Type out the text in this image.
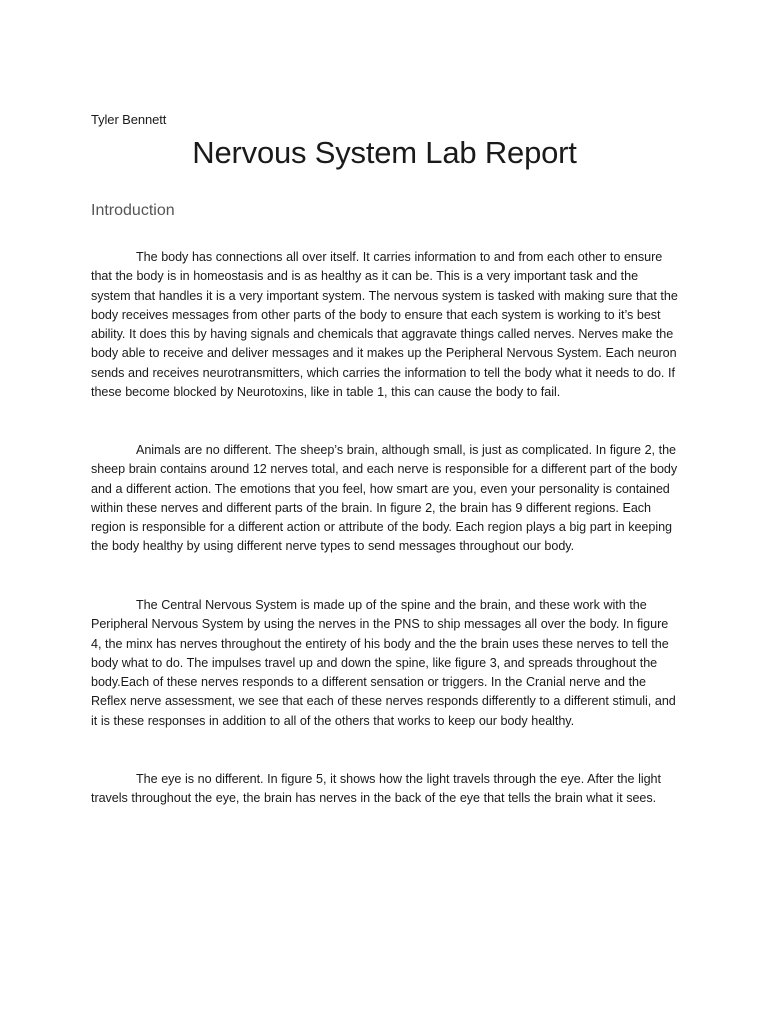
Tyler Bennett
Nervous System Lab Report
Introduction

The body has connections all over itself. It carries information to and from each other to ensure that the body is in homeostasis and is as healthy as it can be. This is a very important task and the system that handles it is a very important system. The nervous system is tasked with making sure that the body receives messages from other parts of the body to ensure that each system is working to it’s best ability. It does this by having signals and chemicals that aggravate things called nerves. Nerves make the body able to receive and deliver messages and it makes up the Peripheral Nervous System. Each neuron sends and receives neurotransmitters, which carries the information to tell the body what it needs to do. If these become blocked by Neurotoxins, like in table 1, this can cause the body to fail.

Animals are no different. The sheep’s brain, although small, is just as complicated. In figure 2, the sheep brain contains around 12 nerves total, and each nerve is responsible for a different part of the body and a different action. The emotions that you feel, how smart are you, even your personality is contained within these nerves and different parts of the brain. In figure 2, the brain has 9 different regions. Each region is responsible for a different action or attribute of the body. Each region plays a big part in keeping the body healthy by using different nerve types to send messages throughout our body.

The Central Nervous System is made up of the spine and the brain, and these work with the Peripheral Nervous System by using the nerves in the PNS to ship messages all over the body. In figure 4, the minx has nerves throughout the entirety of his body and the the brain uses these nerves to tell the body what to do. The impulses travel up and down the spine, like figure 3, and spreads throughout the body.Each of these nerves responds to a different sensation or triggers. In the Cranial nerve and the Reflex nerve assessment, we see that each of these nerves responds differently to a different stimuli, and it is these responses in addition to all of the others that works to keep our body healthy.

The eye is no different. In figure 5, it shows how the light travels through the eye. After the light travels throughout the eye, the brain has nerves in the back of the eye that tells the brain what it sees.
